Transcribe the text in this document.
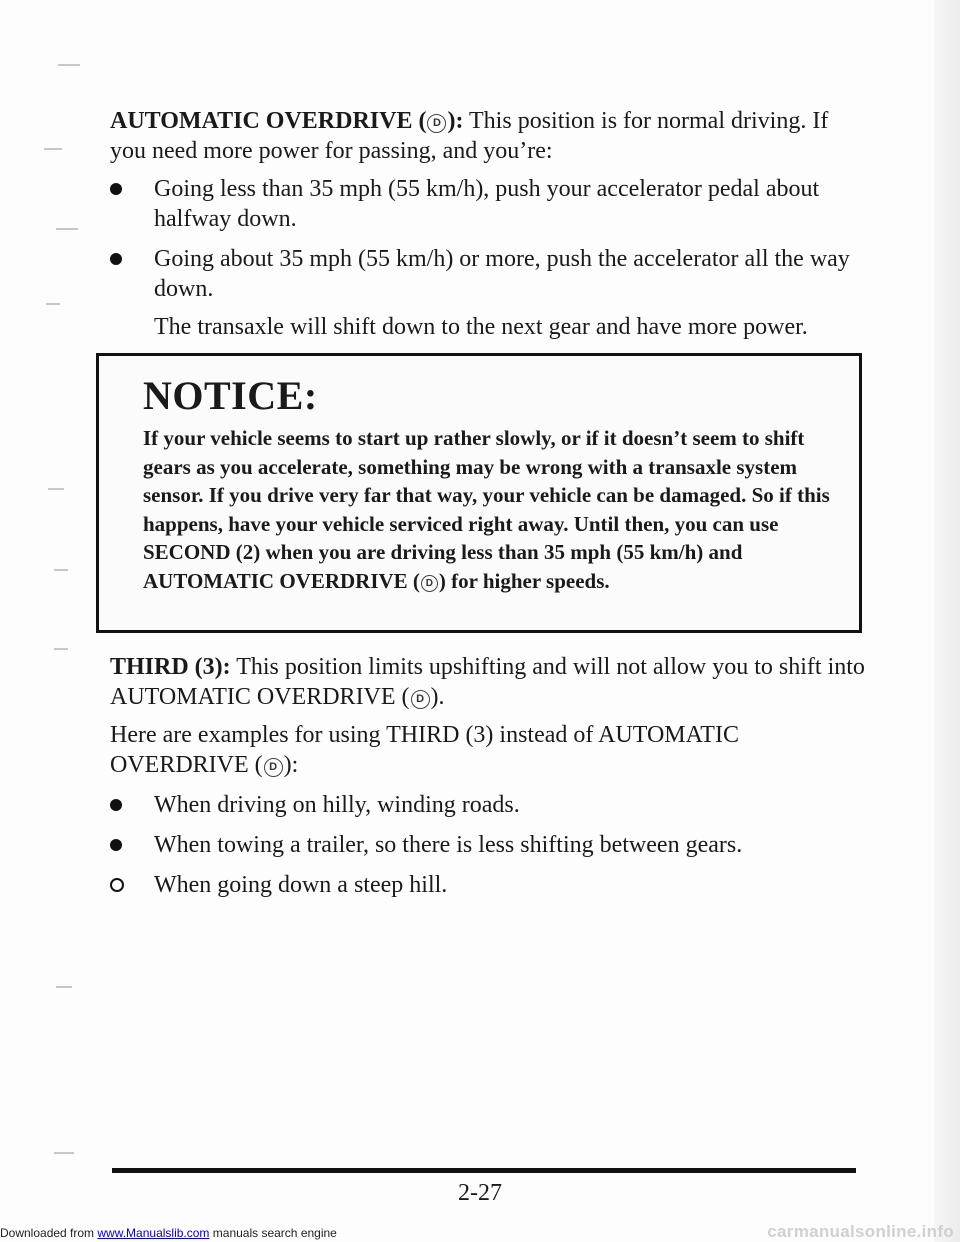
AUTOMATIC OVERDRIVE ( D ): This position is for normal driving. If you need more power for passing, and you’re:

Going less than 35 mph (55 km/h), push your accelerator pedal about halfway down.
Going about 35 mph (55 km/h) or more, push the accelerator all the way down.

The transaxle will shift down to the next gear and have more power.

NOTICE:

If your vehicle seems to start up rather slowly, or if it doesn’t seem to shift gears as you accelerate, something may be wrong with a transaxle system sensor. If you drive very far that way, your vehicle can be damaged. So if this happens, have your vehicle serviced right away. Until then, you can use SECOND (2) when you are driving less than 35 mph (55 km/h) and AUTOMATIC OVERDRIVE ( D ) for higher speeds.

THIRD (3): This position limits upshifting and will not allow you to shift into AUTOMATIC OVERDRIVE ( D ).

Here are examples for using THIRD (3) instead of AUTOMATIC OVERDRIVE ( D ):

When driving on hilly, winding roads.
When towing a trailer, so there is less shifting between gears.
When going down a steep hill.

2-27

Downloaded from www.Manualslib.com manuals search engine	carmanualsonline.info
